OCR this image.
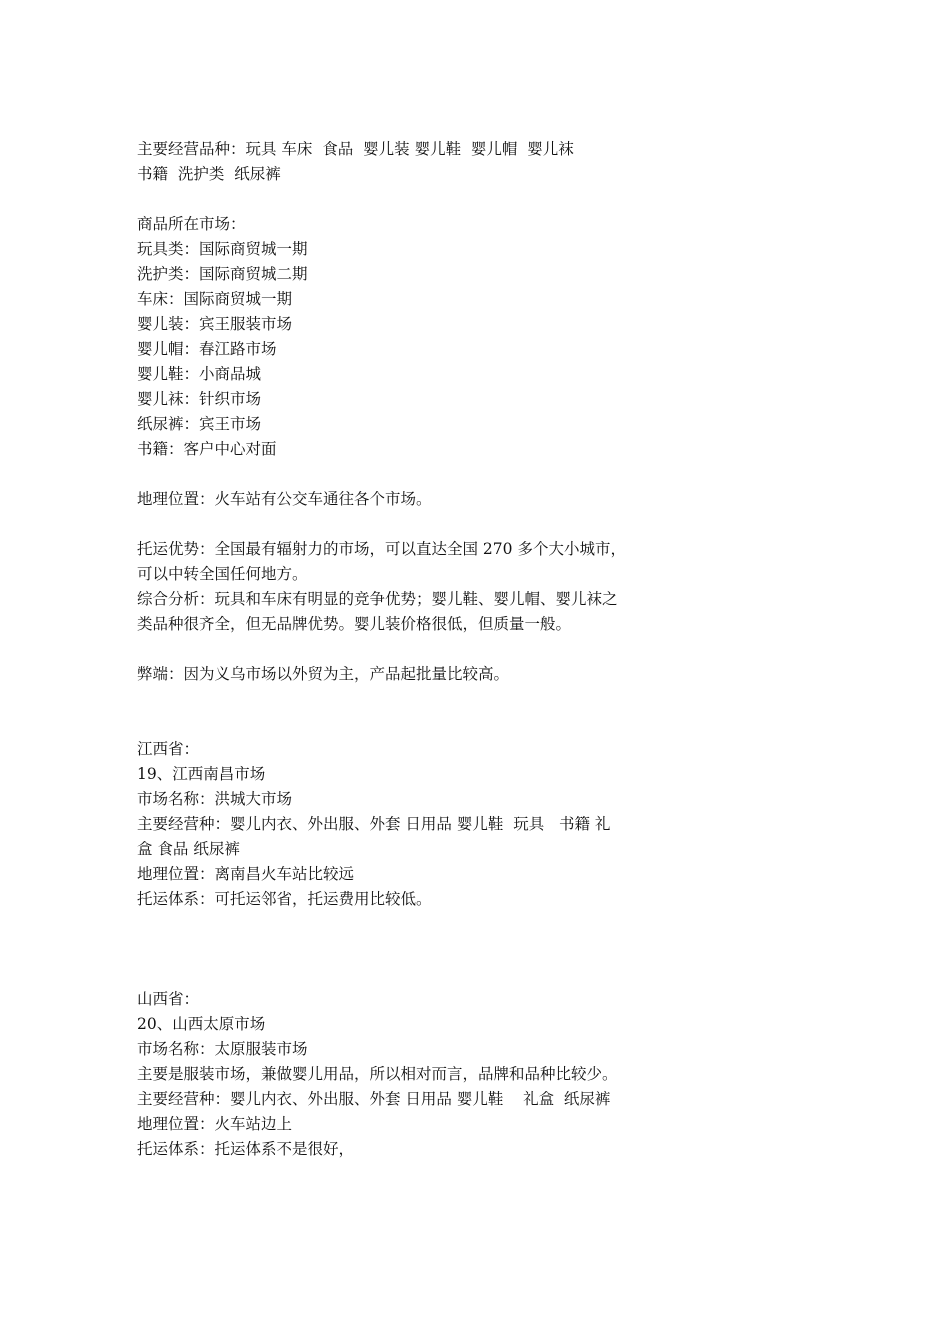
主要经营品种：玩具 车床  食品  婴儿装 婴儿鞋  婴儿帽  婴儿袜
书籍  洗护类  纸尿裤
商品所在市场：
玩具类：国际商贸城一期
洗护类：国际商贸城二期
车床：国际商贸城一期
婴儿装：宾王服装市场
婴儿帽：春江路市场
婴儿鞋：小商品城
婴儿袜：针织市场
纸尿裤：宾王市场
书籍：客户中心对面
地理位置：火车站有公交车通往各个市场。
托运优势：全国最有辐射力的市场，可以直达全国 270 多个大小城市，
可以中转全国任何地方。
综合分析：玩具和车床有明显的竞争优势；婴儿鞋、婴儿帽、婴儿袜之
类品种很齐全，但无品牌优势。婴儿装价格很低，但质量一般。
弊端：因为义乌市场以外贸为主，产品起批量比较高。
江西省：
19、江西南昌市场
市场名称：洪城大市场
主要经营种：婴儿内衣、外出服、外套 日用品 婴儿鞋  玩具   书籍 礼
盒 食品 纸尿裤
地理位置：离南昌火车站比较远
托运体系：可托运邻省，托运费用比较低。
山西省：
20、山西太原市场
市场名称：太原服装市场
主要是服装市场，兼做婴儿用品，所以相对而言，品牌和品种比较少。
主要经营种：婴儿内衣、外出服、外套 日用品 婴儿鞋    礼盒  纸尿裤
地理位置：火车站边上
托运体系：托运体系不是很好，
